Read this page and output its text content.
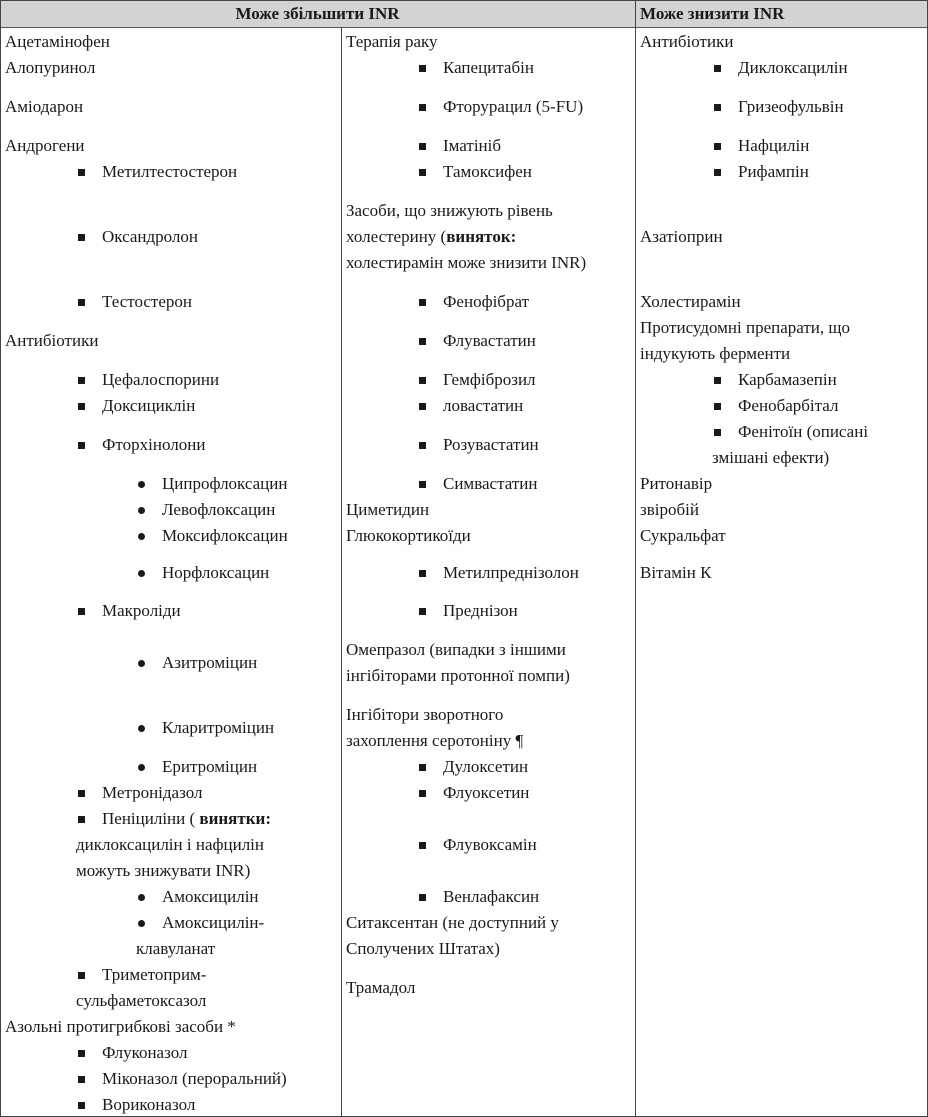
Може збільшити INR	Може знизити INR
Ацетамінофен
Алопуринол
Аміодарон
Андрогени
Метилтестостерон
Оксандролон
Тестостерон
Антибіотики
Цефалоспорини
Доксициклін
Фторхінолони
Ципрофлоксацин
Левофлоксацин
Моксифлоксацин
Норфлоксацин
Макроліди
Азитроміцин
Кларитроміцин
Еритроміцин
Метронідазол
Пеніциліни ( винятки:
диклоксацилін і нафцилін
можуть знижувати INR)
Амоксицилін
Амоксицилін-
клавуланат
Триметоприм-
сульфаметоксазол
Азольні протигрибкові засоби *
Флуконазол
Міконазол (пероральний)
Вориконазол
Терапія раку
Капецитабін
Фторурацил (5-FU)
Іматініб
Тамоксифен
Засоби, що знижують рівень
холестерину (виняток:
холестирамін може знизити INR)
Фенофібрат
Флувастатин
Гемфіброзил
ловастатин
Розувастатин
Симвастатин
Циметидин
Глюкокортикоїди
Метилпреднізолон
Преднізон
Омепразол (випадки з іншими
інгібіторами протонної помпи)
Інгібітори зворотного
захоплення серотоніну ¶
Дулоксетин
Флуоксетин
Флувоксамін
Венлафаксин
Ситаксентан (не доступний у
Сполучених Штатах)
Трамадол
Антибіотики
Диклоксацилін
Гризеофульвін
Нафцилін
Рифампін
Азатіоприн
Холестирамін
Протисудомні препарати, що
індукують ферменти
Карбамазепін
Фенобарбітал
Фенітоїн (описані
змішані ефекти)
Ритонавір
звіробій
Сукральфат
Вітамін К
